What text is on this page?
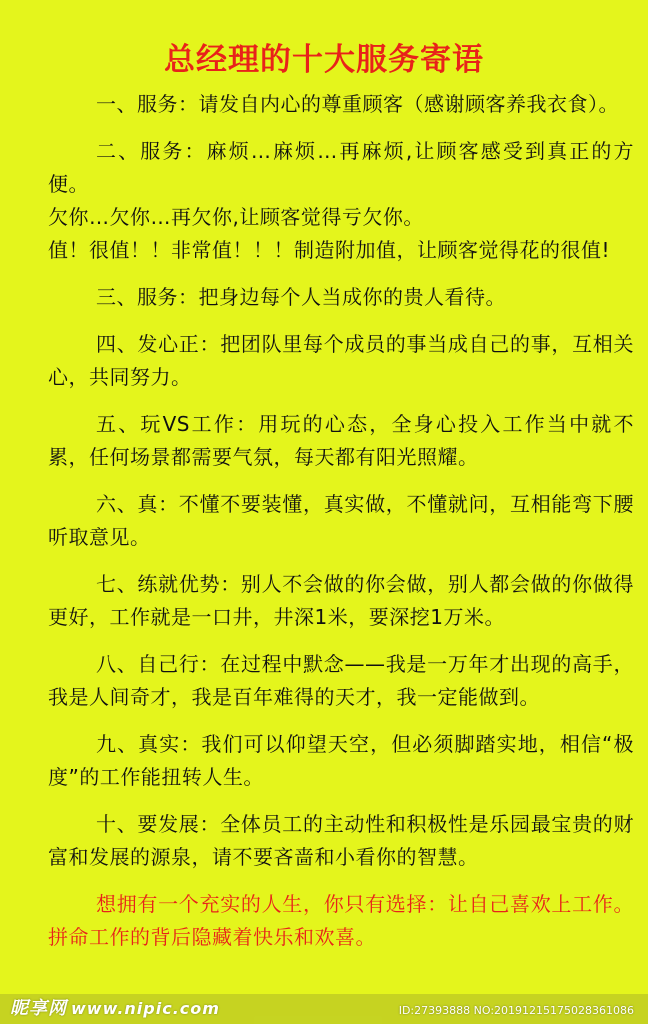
总经理的十大服务寄语
一、服务：请发自内心的尊重顾客（感谢顾客养我衣食）。
二、服务：麻烦…麻烦…再麻烦,让顾客感受到真正的方便。
欠你…欠你…再欠你,让顾客觉得亏欠你。
值！很值！！非常值！！！制造附加值，让顾客觉得花的很值!
三、服务：把身边每个人当成你的贵人看待。
四、发心正：把团队里每个成员的事当成自己的事，互相关心，共同努力。
五、玩VS工作：用玩的心态，全身心投入工作当中就不累，任何场景都需要气氛，每天都有阳光照耀。
六、真：不懂不要装懂，真实做，不懂就问，互相能弯下腰听取意见。
七、练就优势：别人不会做的你会做，别人都会做的你做得更好，工作就是一口井，井深1米，要深挖1万米。
八、自己行：在过程中默念——我是一万年才出现的高手，我是人间奇才，我是百年难得的天才，我一定能做到。
九、真实：我们可以仰望天空，但必须脚踏实地，相信“极度”的工作能扭转人生。
十、要发展：全体员工的主动性和积极性是乐园最宝贵的财富和发展的源泉，请不要吝啬和小看你的智慧。
想拥有一个充实的人生，你只有选择：让自己喜欢上工作。拼命工作的背后隐藏着快乐和欢喜。
昵享网 www.nipic.com	ID:27393888 NO:20191215175028361086
